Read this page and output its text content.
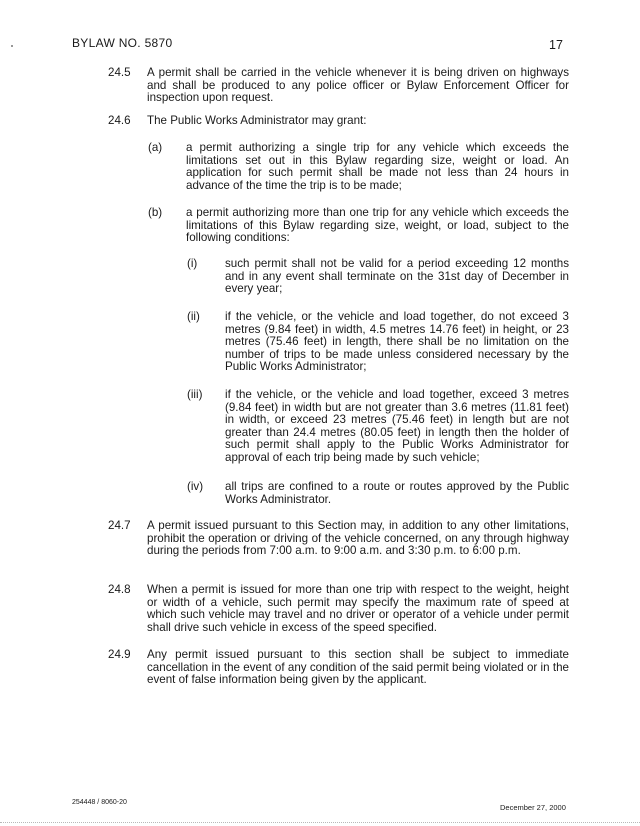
BYLAW NO. 5870	17
24.5 A permit shall be carried in the vehicle whenever it is being driven on highways and shall be produced to any police officer or Bylaw Enforcement Officer for inspection upon request.
24.6 The Public Works Administrator may grant:
(a) a permit authorizing a single trip for any vehicle which exceeds the limitations set out in this Bylaw regarding size, weight or load. An application for such permit shall be made not less than 24 hours in advance of the time the trip is to be made;
(b) a permit authorizing more than one trip for any vehicle which exceeds the limitations of this Bylaw regarding size, weight, or load, subject to the following conditions:
(i) such permit shall not be valid for a period exceeding 12 months and in any event shall terminate on the 31st day of December in every year;
(ii) if the vehicle, or the vehicle and load together, do not exceed 3 metres (9.84 feet) in width, 4.5 metres 14.76 feet) in height, or 23 metres (75.46 feet) in length, there shall be no limitation on the number of trips to be made unless considered necessary by the Public Works Administrator;
(iii) if the vehicle, or the vehicle and load together, exceed 3 metres (9.84 feet) in width but are not greater than 3.6 metres (11.81 feet) in width, or exceed 23 metres (75.46 feet) in length but are not greater than 24.4 metres (80.05 feet) in length then the holder of such permit shall apply to the Public Works Administrator for approval of each trip being made by such vehicle;
(iv) all trips are confined to a route or routes approved by the Public Works Administrator.
24.7 A permit issued pursuant to this Section may, in addition to any other limitations, prohibit the operation or driving of the vehicle concerned, on any through highway during the periods from 7:00 a.m. to 9:00 a.m. and 3:30 p.m. to 6:00 p.m.
24.8 When a permit is issued for more than one trip with respect to the weight, height or width of a vehicle, such permit may specify the maximum rate of speed at which such vehicle may travel and no driver or operator of a vehicle under permit shall drive such vehicle in excess of the speed specified.
24.9 Any permit issued pursuant to this section shall be subject to immediate cancellation in the event of any condition of the said permit being violated or in the event of false information being given by the applicant.
254448 / 8060-20
December 27, 2000
